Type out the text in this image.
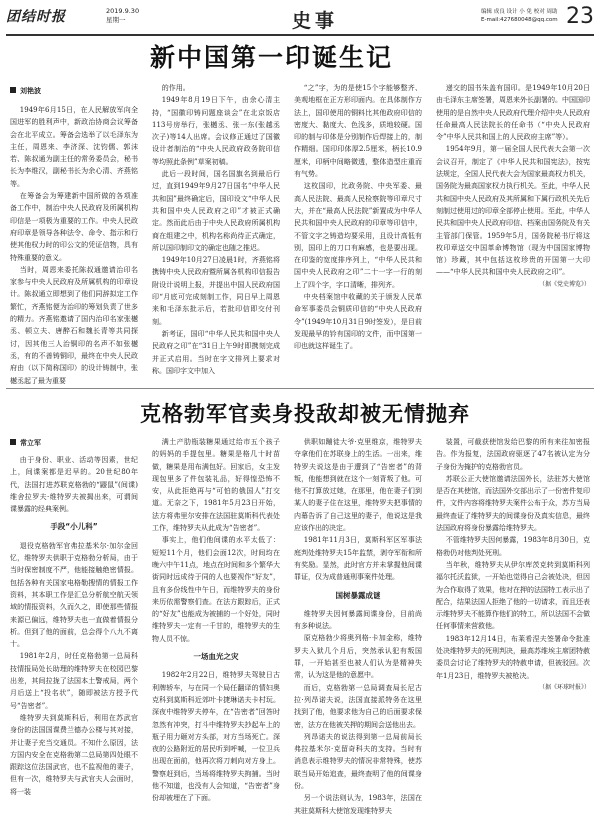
团结时报	2019.9.30
星期一	史事	编辑 成良 设计 小 免 校对 周助
E-mail:427680048@qq.com 23
新中国第一印诞生记
刘艳波

1949年6月15日，在人民解放军向全国进军的胜利声中，新政治协商会议筹备会在北平成立。筹备会选举了以毛泽东为主任，周恩来、李济深、沈钧儒、郭沫若、陈叔通为副主任的常务委员会，秘书长为李维汉，副秘书长为余心清、齐燕铭等。

在筹备会为筹建新中国所做的各项准备工作中，制治中央人民政府及所属机构印信是一项极为重要的工作。中央人民政府印章是领导各种法令、命令、指示和行使其他权力时的印公文的凭证信物，具有特殊重要的意义。

当时，周恩来委托陈叔通邀请治印名家参与中央人民政府及所属机构的印章设计。陈叔通立即想到了他们同辞拟定工作繁忙，齐燕铭便为治印的筹划负责了世多的精力。齐燕铭邀请了国内治印名家张樾丞、顿立夫、唐醉石和魏长青等共同探讨，因其他三人治铜印的名声不如张樾丞，有的不善铸铜印，最终在中央人民政府由（以下简称国印）的设计铸制中，张樾丞起了最为重要

的作用。

1949年8月19日下午，由余心清主持，“国徽印铸问题座谈会”在北京饭店113号房举行，张樾丞、张一东(张越丞次子)等14人出席。会议修正通过了国徽设计者制治的“中央人民政府政务院印信等均照此条例”草案初稿。

此后一段时间，国名国旗名到最后行过，直到1949年9月27日国名“中华人民共和国”最终确定后，国印设文“中华人民共和国中央人民政府之印”才被正式确定。然而此后由于中央人民政府所属机构商在组建之中，机构名称尚待正式确定，所以国印制印文的确定也随之推迟。

1949年10月27日凌晨1时，齐燕铭将携铸中央人民政府暨所属各机构印信报告附设计说明上报，并提出中国人民政府国印“月底可完成刻制工作，同日早上周恩来和毛泽东批示后，若批印信即交付刊刻。

新考证，国印“中华人民共和国中央人民政府之印”在“31日上午9时即携刻完成并正式启用。当时在字文排列上要求对称。国印字文中加入

“之”字，为的是使15个字能够整齐、美观地框在正方形印面内。在具体制作方法上，国印使用的铜料比其他政府印信的密度大、黏度大、色浅多，质地较硬。国印的制与印体是分别制作后焊接上的，制作精细。国印印体厚2.5厘米，柄长10.9厘米，印柄中间略微透，整体造型庄重而有气势。

这枚国印，比政务院、中央军委、最高人民法院、最高人民检察院等印章尺寸大，并在“最高人民法院”新置成为中华人民共和国中央人民政府的印章等印信中，不管文字之铸造均要采用，且设计高低有别，国印上的刀口有麻感，也是要出现。在印鉴的宽度排序列上，“中华人民共和国中央人民政府之印”二十一字一行的刻上了四个字，字口清晰，排列齐。

中央档案馆中收藏的关于颁发人民革命军事委员会铜质印信的“中央人民政府令”(1949年10月31日9时签发），是目前发现最早的钤有国印的文件，而中国第一印也就这样诞生了。

递交的国书朱盖有国印。是1949年10月20日由毛泽东主席签署，周恩来外长副署的。中国国印使用的是自然中央人民政府代理介绍中央人民政府任命最高人民法院长的任命书（“中央人民政府令”中华人民共和国上的人民政府主席”等）。

1954年9月，第一届全国人民代表大会第一次会议召开，制定了《中华人民共和国宪法》，按宪法规定，全国人民代表大会为国家最高权力机关，国务院为最高国家权力执行机关。至此，中华人民共和国中央人民政府及其所属和下属行政机关先后刻制过使用过的印章全部停止使用。至此，中华人民共和国中央人民政府印信、档案由国务院及有关主管部门保管。1959年5月，国务院秘书厅将这枚印章送交中国革命博物馆（现为中国国家博物馆）珍藏，其中包括这枚珍贵的开国第一大印——“中华人民共和国中央人民政府之印”。

（据《党史博览》）

克格勃军官卖身投敌却被无情抛弃
常立军

由于身份、职业、活动等因素，世纪上，间谍案都是迟早的。20世纪80年代，法国打进苏联克格勃的“鼹鼠”(间谍)维舍拉罗夫·维特罗夫被揭出来，可谓间谍暴露的经典案例。

手段“小儿科”

退役克格勃军官弗拉基米尔·加尔金回忆，维特罗夫供职于克格勃分析局，由于当时保密制度不严，他能接触绝密情报。包括各种有关国家电格勒搜情的情报工作资料，其本职工作是汇总分析航空航天领域的情报资料，久而久之，即使那些情报来源已偏远，维特罗夫也一直做着情报分析。但到了他的面前，总会得个八九不离十。

1981年2月，时任克格勃第一总局科技情报局处长助理的维特罗夫在校园巴黎出差，其间拉拢了法国本土警戒局，两个月后送上“投名状”，随即被法方授予代号“告密者”。

维特罗夫到莫斯科后，利用在苏武官身份的法国国谍费兰德办公楼与其对接，并让妻子充当交通员。不知什么原因，法方国内安全在克格勃第二总局第四处眼不跟踪这位法国武官，也不监视他的妻子，但有一次，维特罗夫与武官夫人会面时，将一装

满土产肋瓶装糖果通过给市五个孩子的妈妈的手提包里。糖果是格几十时苗做，糖果是用布满包好。回家后，女主发现包里多了件包装礼品，好得惶恐怖不安，从此拒绝再与“可怕的俄国人”打交道。无奈之下，1981年5月23日开始，法方将弗里尔安排在法国驻莫斯科代表处工作，维特罗夫从此成为“告密者”。

事实上，他们他间谍的水平太低了：短短11个月，他们会面12次，时间均在晚六中午11点，地点在时间和多个繁华大街同时远成待于同的人也要视作“好友”，且有多份线性中午日，而维特罗夫的身份来历依需警察们查。在法方跟踪后，正式的“好友”也能成为被捕的一个好处，同时维特罗夫一定有一千甘的，维特罗夫的生物人员不惊。

一场血光之灾

1982年2月22日，维特罗夫驾驶日古利牌轿车，与在同一个局任翻译的情妇奥克科到莫斯科近郊叶卡捷琳诺夫卡村玩。深夜中维特罗夫停车，在“告密者”回答时忽然有冲突，打斗中维特罗夫抄起车上的瓶子用力砸对方头部，对方当场死亡。深夜的公路附近的居民听到呼喊，一位卫兵出现在面前，他再次将刀刺向对方身上。警察赶到后，当场将维特罗夫拘捕。当时他不知道，也没有人会知道，“告密者”身份却被埋在了下面。

供职如蹦徒大爷·克里维京，维特罗夫夺拿他们在苏联身上的生活。一出来，维特罗夫说这是由于遭到了“告密者”的背叛，他能想到就在这个一刻背叛了他。可他不打算放过她，在那里，他在妻子们到某人的妻子住在这里，维特罗夫把事情的内幕告诉了自己这里的妻子，他说这是我应该作出的决定。

1981年11月3日，莫斯科军区军事法庭判处维特罗夫15年监禁，剥夺军衔和所有奖励。显然，此时官方并未掌握他间谍罪证，仅为成普通刑事案件处理。

国树暴露成谜

维特罗夫因何暴露间谍身份，目前尚有多种说法。

原克格勃少将奥列格·卡加金称，维特罗夫入狱几个月后，突然承认犯有叛国罪，一开始甚至也被人们认为是精神失常，认为这是他的意愿中。

而后，克格勃第一总局调查局长尼古拉·列昂诺夫说，法国直接派特务在这里找到了他，他要求他为自己的后面要求保密，法方在他被关押的期间会送他出去。

列昂诺夫的说法得到第一总局前局长弗拉基米尔·克留奇科夫的支持。当时有消息表示维特罗夫的情况非常特殊，使苏联当局开始追查，最终查明了他的间谍身份。

另一个说法则认为，1983年，法国在其驻莫斯科大使馆发现维特罗夫

装置，可截获使馆发给巴黎的所有来往加密报告。作为报复，法国政府驱逐了47名被认定为分子身份为掩护的克格勃官员。

苏联公正大使馆邀请法国外长，法驻苏大使馆是否在其使馆，而法国外交部出示了一份密件复印件，文件内容将维特罗夫案件公布于众，苏方当局最终查证了维特罗夫的间谍身份及真实信息，最终法国政府将身份暴露给维特罗夫。

不管维特罗夫因何暴露，1983年8月30日，克格勃仍对他判处死刑。

当年秋，维特罗夫从伊尔库茨克转到莫斯科列福尔托沃监狱，一开始也觉得自己会被处决，但因为合作取得了效果，他对在押的法国特工表示出了配合，结果法国人拒绝了他的一切请求，而且还表示维特罗夫不能算作他们的特工，所以法国不会做任何事情来营救他。

1983年12月14日，布莱希涅夫签署命令批准处决维特罗夫的死刑判决，最高苏维埃主席团特赦委员会讨论了维特罗夫的特赦申请，但被驳回。次年1月23日，维特罗夫被枪决。

（据《环球时报》）
